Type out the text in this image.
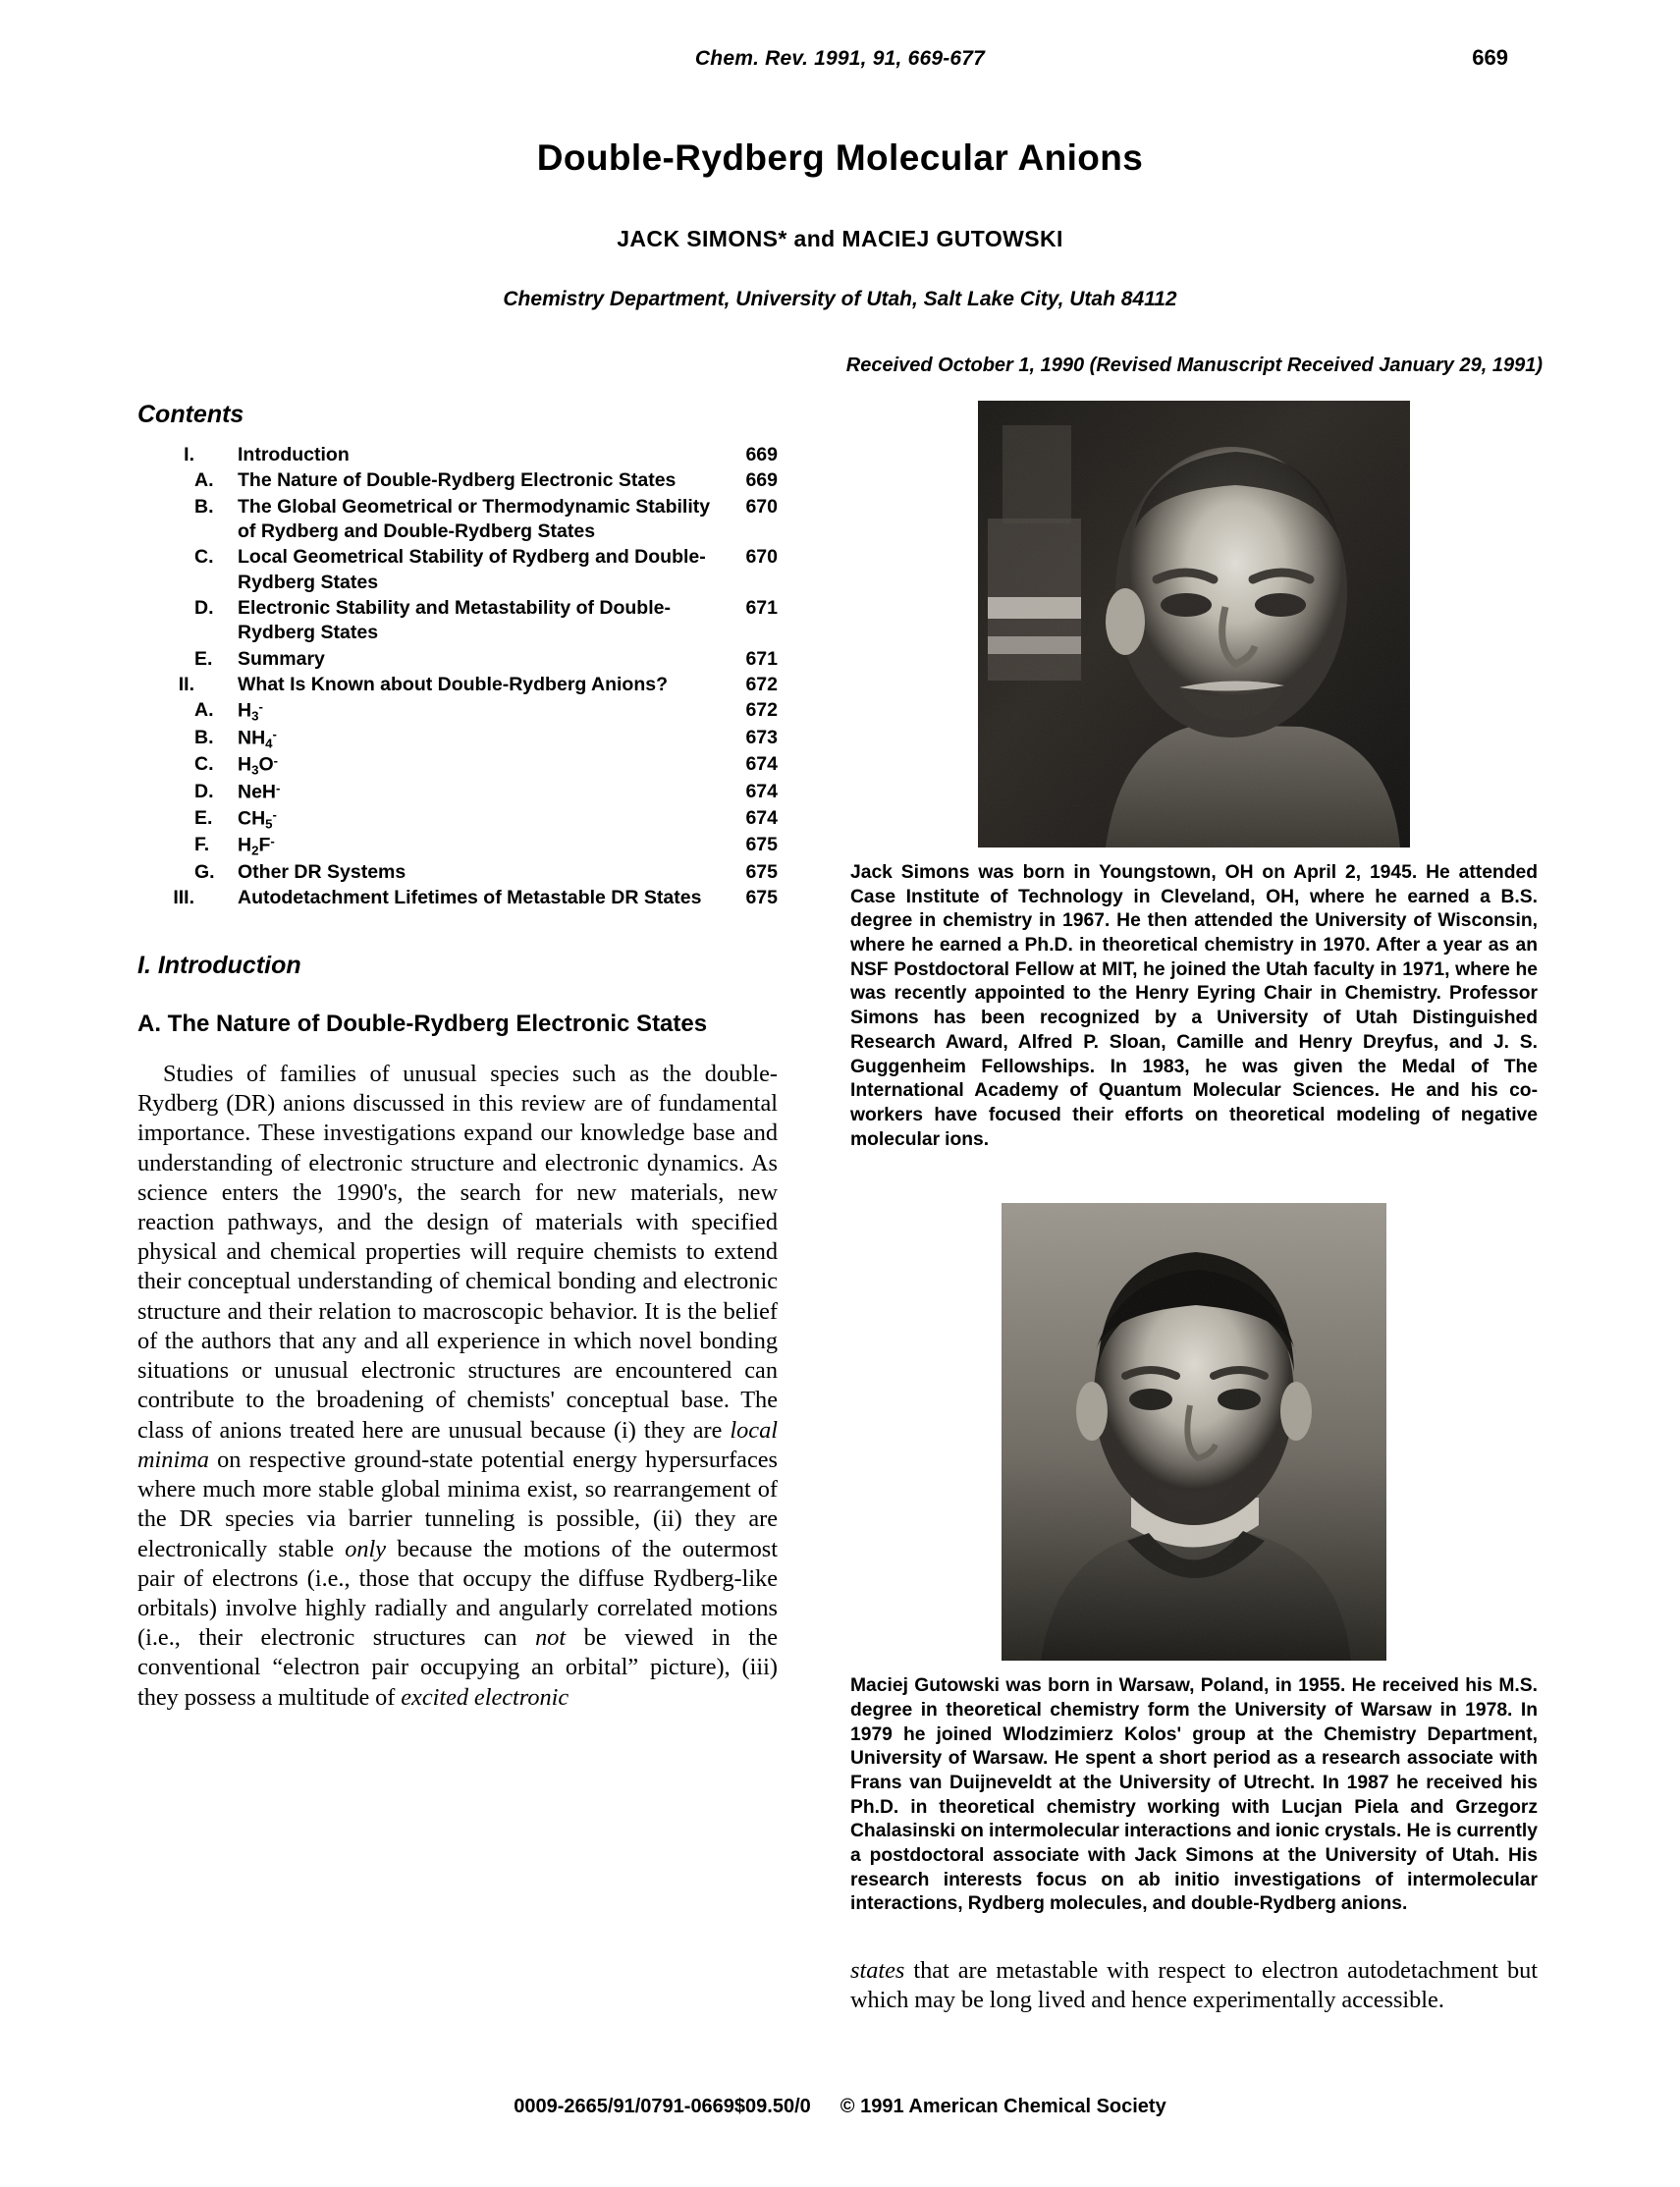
Chem. Rev. 1991, 91, 669-677	669
Double-Rydberg Molecular Anions
JACK SIMONS* and MACIEJ GUTOWSKI
Chemistry Department, University of Utah, Salt Lake City, Utah 84112
Received October 1, 1990 (Revised Manuscript Received January 29, 1991)
Contents
I.		Introduction	669
	A.	The Nature of Double-Rydberg Electronic States	669
	B.	The Global Geometrical or Thermodynamic Stability of Rydberg and Double-Rydberg States	670
	C.	Local Geometrical Stability of Rydberg and Double-Rydberg States	670
	D.	Electronic Stability and Metastability of Double-Rydberg States	671
	E.	Summary	671
II.		What Is Known about Double-Rydberg Anions?	672
	A.	$H_3^-$	672
	B.	$NH_4^-$	673
	C.	$H_3O^-$	674
	D.	NeH-	674
	E.	$CH_5^-$	674
	F.	$H_2F^-$	675
	G.	Other DR Systems	675
III.		Autodetachment Lifetimes of Metastable DR States	675
I. Introduction
A. The Nature of Double-Rydberg Electronic States

Studies of families of unusual species such as the double-Rydberg (DR) anions discussed in this review are of fundamental importance. These investigations expand our knowledge base and understanding of electronic structure and electronic dynamics. As science enters the 1990's, the search for new materials, new reaction pathways, and the design of materials with specified physical and chemical properties will require chemists to extend their conceptual understanding of chemical bonding and electronic structure and their relation to macroscopic behavior. It is the belief of the authors that any and all experience in which novel bonding situations or unusual electronic structures are encountered can contribute to the broadening of chemists' conceptual base. The class of anions treated here are unusual because (i) they are local minima on respective ground-state potential energy hypersurfaces where much more stable global minima exist, so rearrangement of the DR species via barrier tunneling is possible, (ii) they are electronically stable only because the motions of the outermost pair of electrons (i.e., those that occupy the diffuse Rydberg-like orbitals) involve highly radially and angularly correlated motions (i.e., their electronic structures can not be viewed in the conventional “electron pair occupying an orbital” picture), (iii) they possess a multitude of excited electronic

Jack Simons was born in Youngstown, OH on April 2, 1945. He attended Case Institute of Technology in Cleveland, OH, where he earned a B.S. degree in chemistry in 1967. He then attended the University of Wisconsin, where he earned a Ph.D. in theoretical chemistry in 1970. After a year as an NSF Postdoctoral Fellow at MIT, he joined the Utah faculty in 1971, where he was recently appointed to the Henry Eyring Chair in Chemistry. Professor Simons has been recognized by a University of Utah Distinguished Research Award, Alfred P. Sloan, Camille and Henry Dreyfus, and J. S. Guggenheim Fellowships. In 1983, he was given the Medal of The International Academy of Quantum Molecular Sciences. He and his co-workers have focused their efforts on theoretical modeling of negative molecular ions.

Maciej Gutowski was born in Warsaw, Poland, in 1955. He received his M.S. degree in theoretical chemistry form the University of Warsaw in 1978. In 1979 he joined Wlodzimierz Kolos' group at the Chemistry Department, University of Warsaw. He spent a short period as a research associate with Frans van Duijneveldt at the University of Utrecht. In 1987 he received his Ph.D. in theoretical chemistry working with Lucjan Piela and Grzegorz Chalasinski on intermolecular interactions and ionic crystals. He is currently a postdoctoral associate with Jack Simons at the University of Utah. His research interests focus on ab initio investigations of intermolecular interactions, Rydberg molecules, and double-Rydberg anions.

states that are metastable with respect to electron autodetachment but which may be long lived and hence experimentally accessible.

0009-2665/91/0791-0669$09.50/0 © 1991 American Chemical Society
